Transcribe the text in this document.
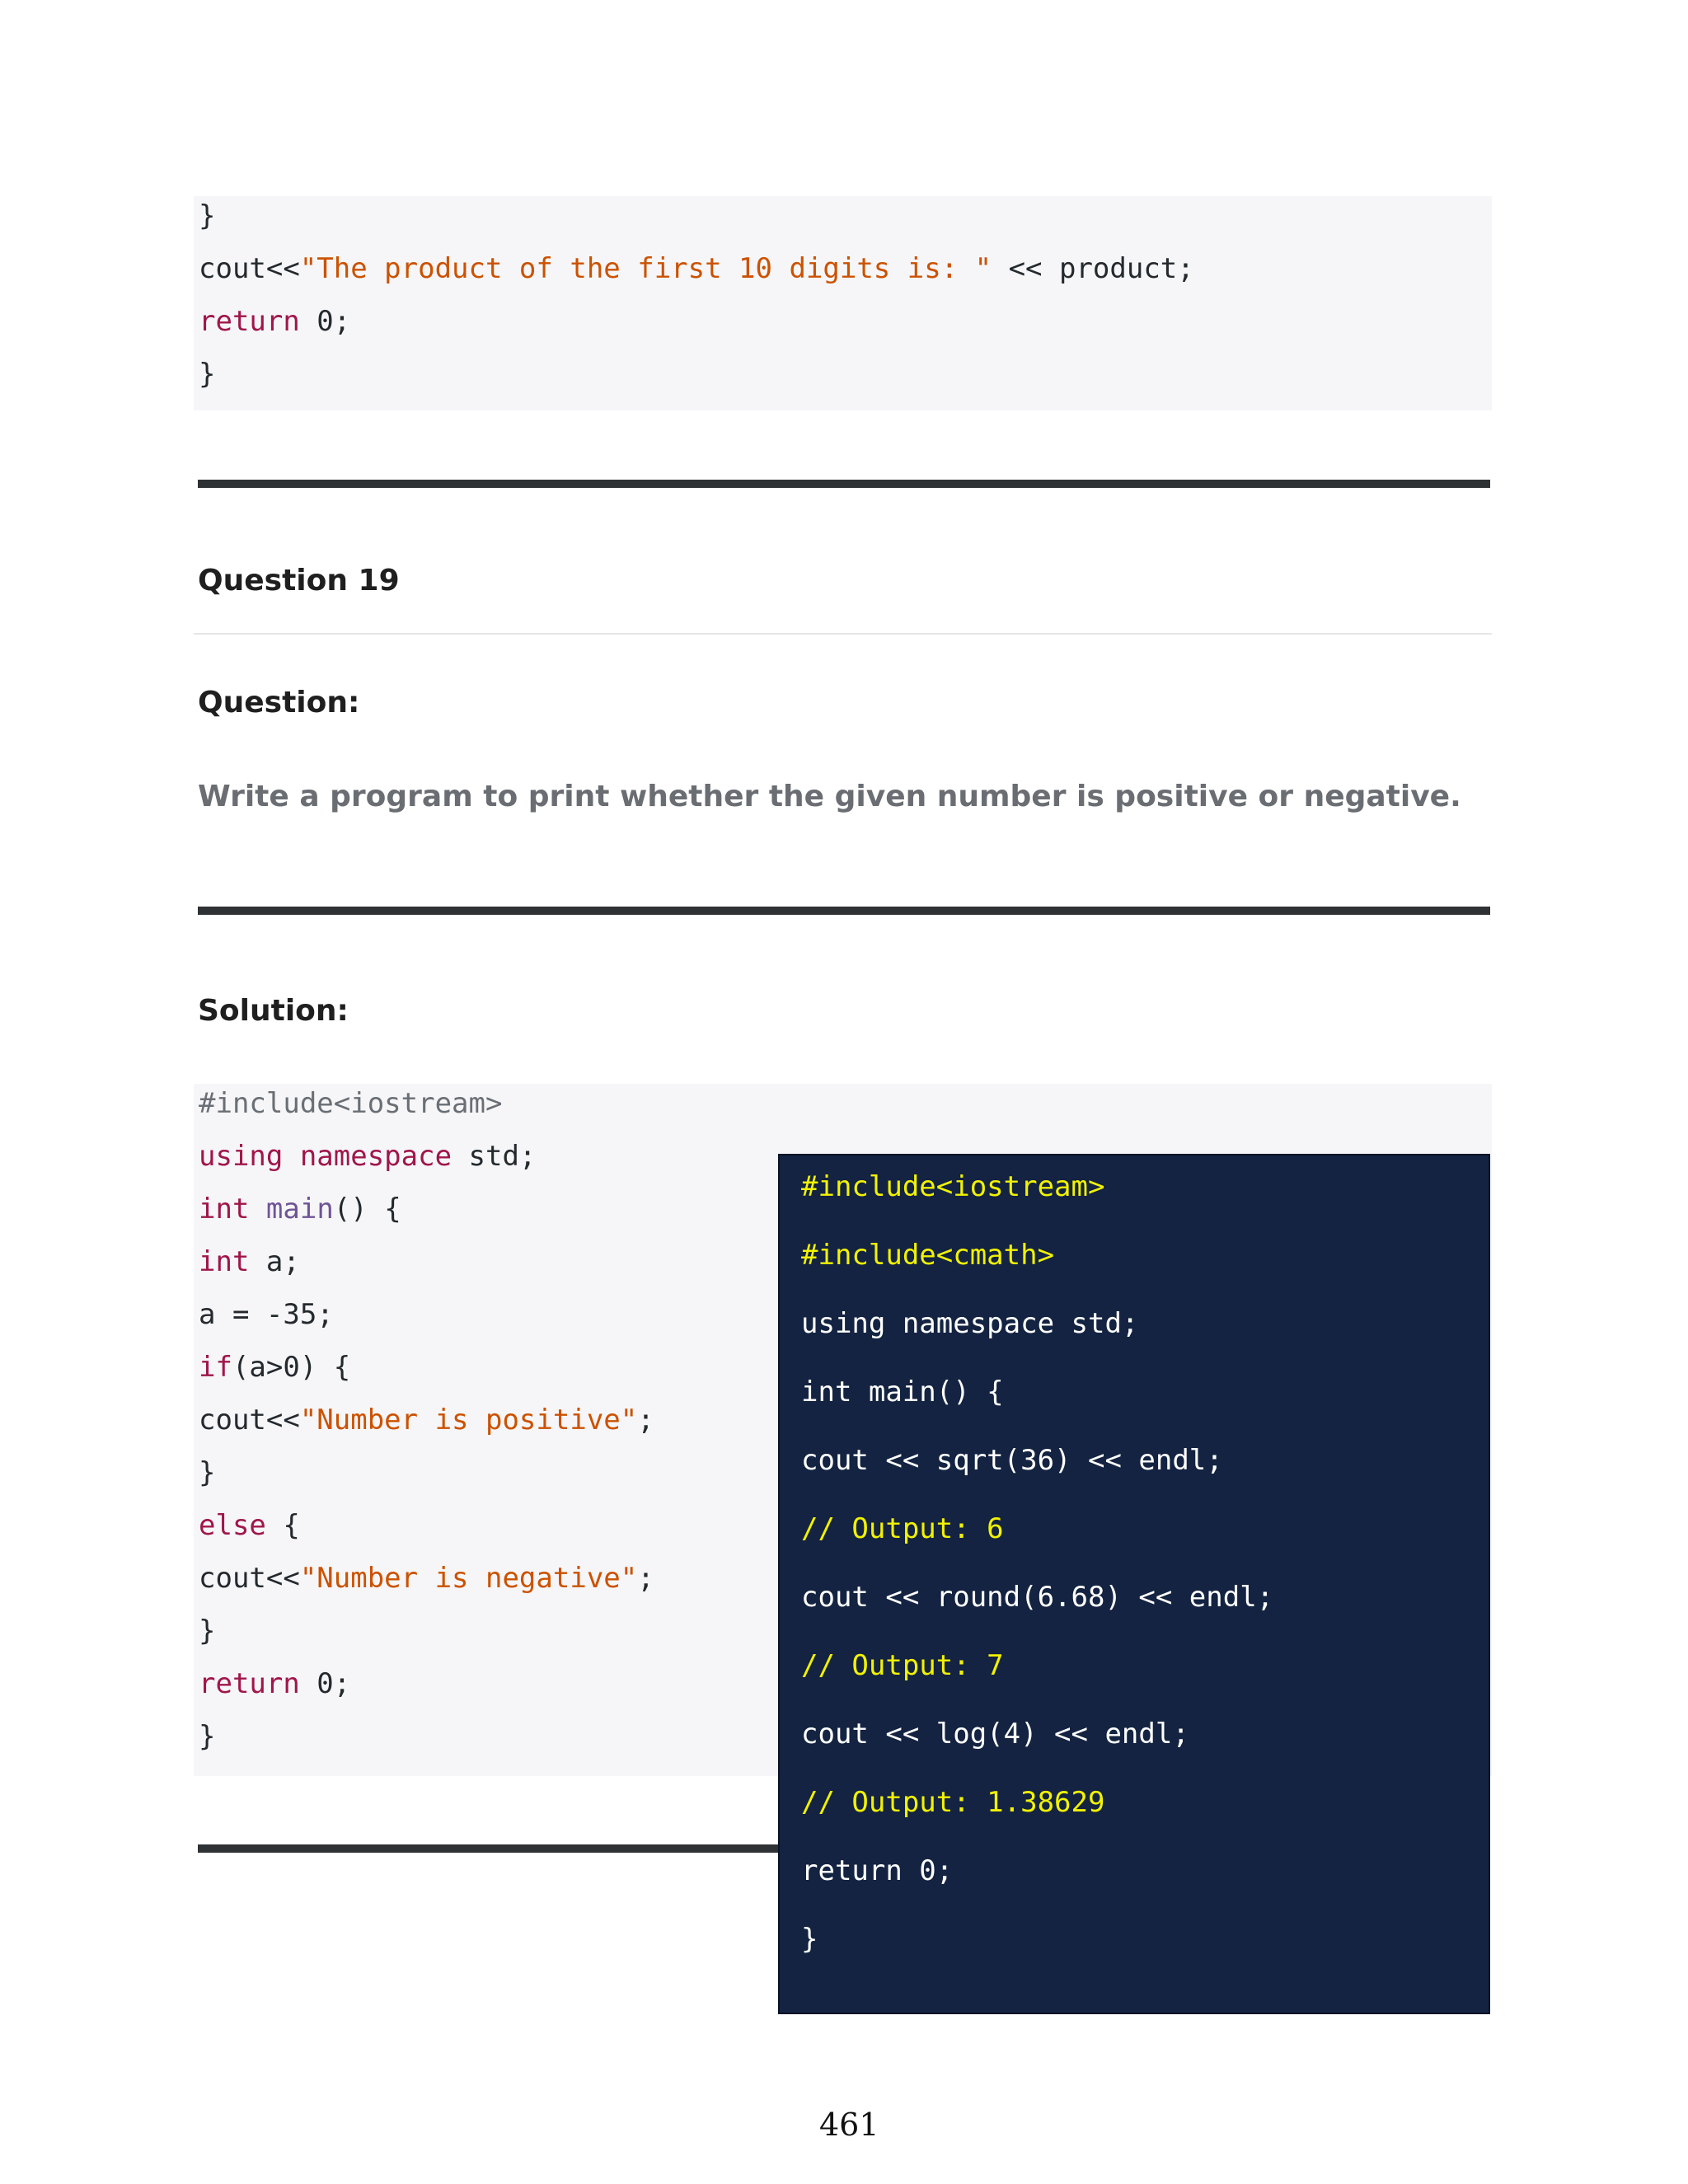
}

cout<<"The product of the first 10 digits is: " << product;

return 0;

}

Question 19
Question:
Write a program to print whether the given number is positive or negative.
Solution:

#include<iostream>

using namespace std;

int main() {

int a;

a = -35;

if(a>0) {

cout<<"Number is positive";

}

else {

cout<<"Number is negative";

}

return 0;

}

#include<iostream>
#include<cmath>
using namespace std;
int main() {
cout << sqrt(36) << endl;
// Output: 6
cout << round(6.68) << endl;
// Output: 7
cout << log(4) << endl;
// Output: 1.38629
return 0;
}
461
